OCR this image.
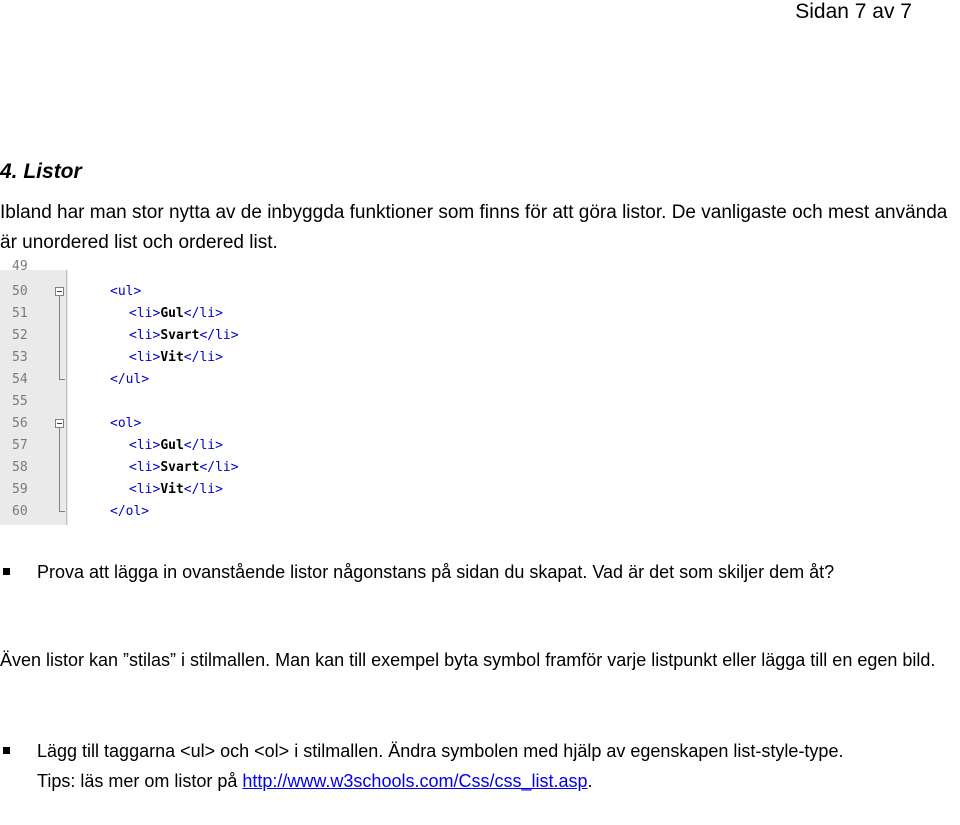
Sidan 7 av 7
4. Listor

Ibland har man stor nytta av de inbyggda funktioner som finns för att göra listor. De vanligaste och mest använda är unordered list och ordered list.

49
50	<ul>
51	<li>Gul</li>
52	<li>Svart</li>
53	<li>Vit</li>
54	</ul>
55
56	<ol>
57	<li>Gul</li>
58	<li>Svart</li>
59	<li>Vit</li>
60	</ol>
Prova att lägga in ovanstående listor någonstans på sidan du skapat. Vad är det som skiljer dem åt?

Även listor kan ”stilas” i stilmallen. Man kan till exempel byta symbol framför varje listpunkt eller lägga till en egen bild.

Lägg till taggarna <ul> och <ol> i stilmallen. Ändra symbolen med hjälp av egenskapen list-style-type.
Tips: läs mer om listor på http://www.w3schools.com/Css/css_list.asp.
